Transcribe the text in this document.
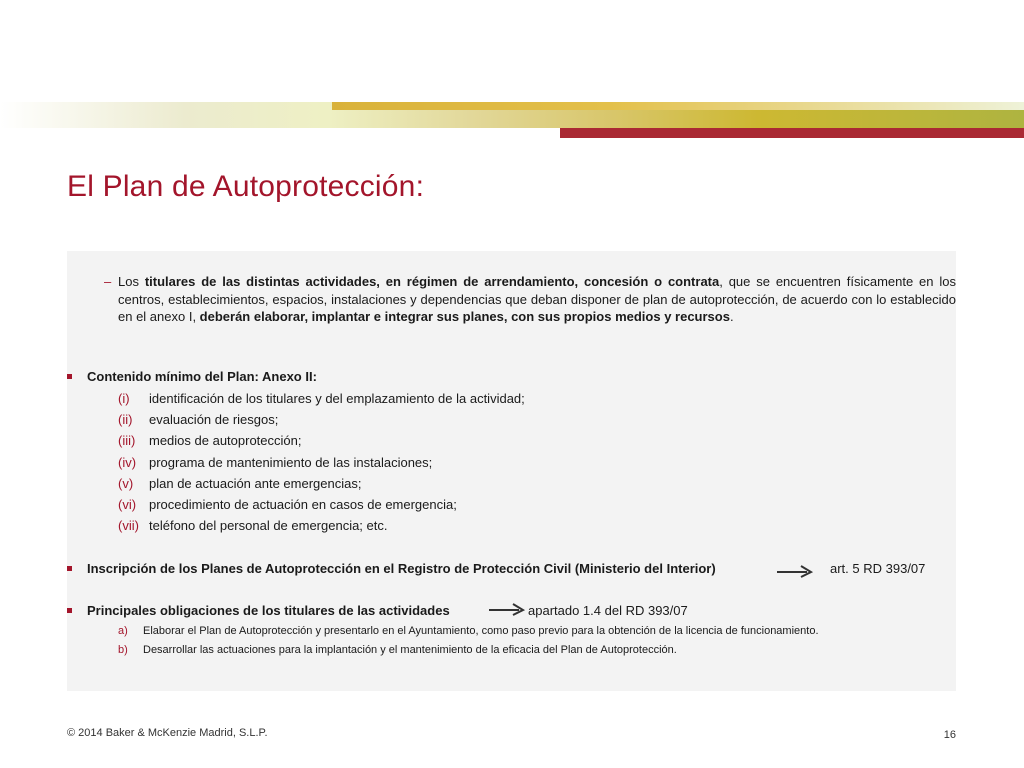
El Plan de Autoprotección:
– Los titulares de las distintas actividades, en régimen de arrendamiento, concesión o contrata, que se encuentren físicamente en los centros, establecimientos, espacios, instalaciones y dependencias que deban disponer de plan de autoprotección, de acuerdo con lo establecido en el anexo I, deberán elaborar, implantar e integrar sus planes, con sus propios medios y recursos.
Contenido mínimo del Plan: Anexo II:
(i) identificación de los titulares y del emplazamiento de la actividad;
(ii) evaluación de riesgos;
(iii) medios de autoprotección;
(iv) programa de mantenimiento de las instalaciones;
(v) plan de actuación ante emergencias;
(vi) procedimiento de actuación en casos de emergencia;
(vii) teléfono del personal de emergencia; etc.
Inscripción de los Planes de Autoprotección en el Registro de Protección Civil (Ministerio del Interior)	art. 5 RD 393/07
Principales obligaciones de los titulares de las actividades	apartado 1.4 del RD 393/07
a) Elaborar el Plan de Autoprotección y presentarlo en el Ayuntamiento, como paso previo para la obtención de la licencia de funcionamiento.
b) Desarrollar las actuaciones para la implantación y el mantenimiento de la eficacia del Plan de Autoprotección.
© 2014 Baker & McKenzie Madrid, S.L.P.	16
